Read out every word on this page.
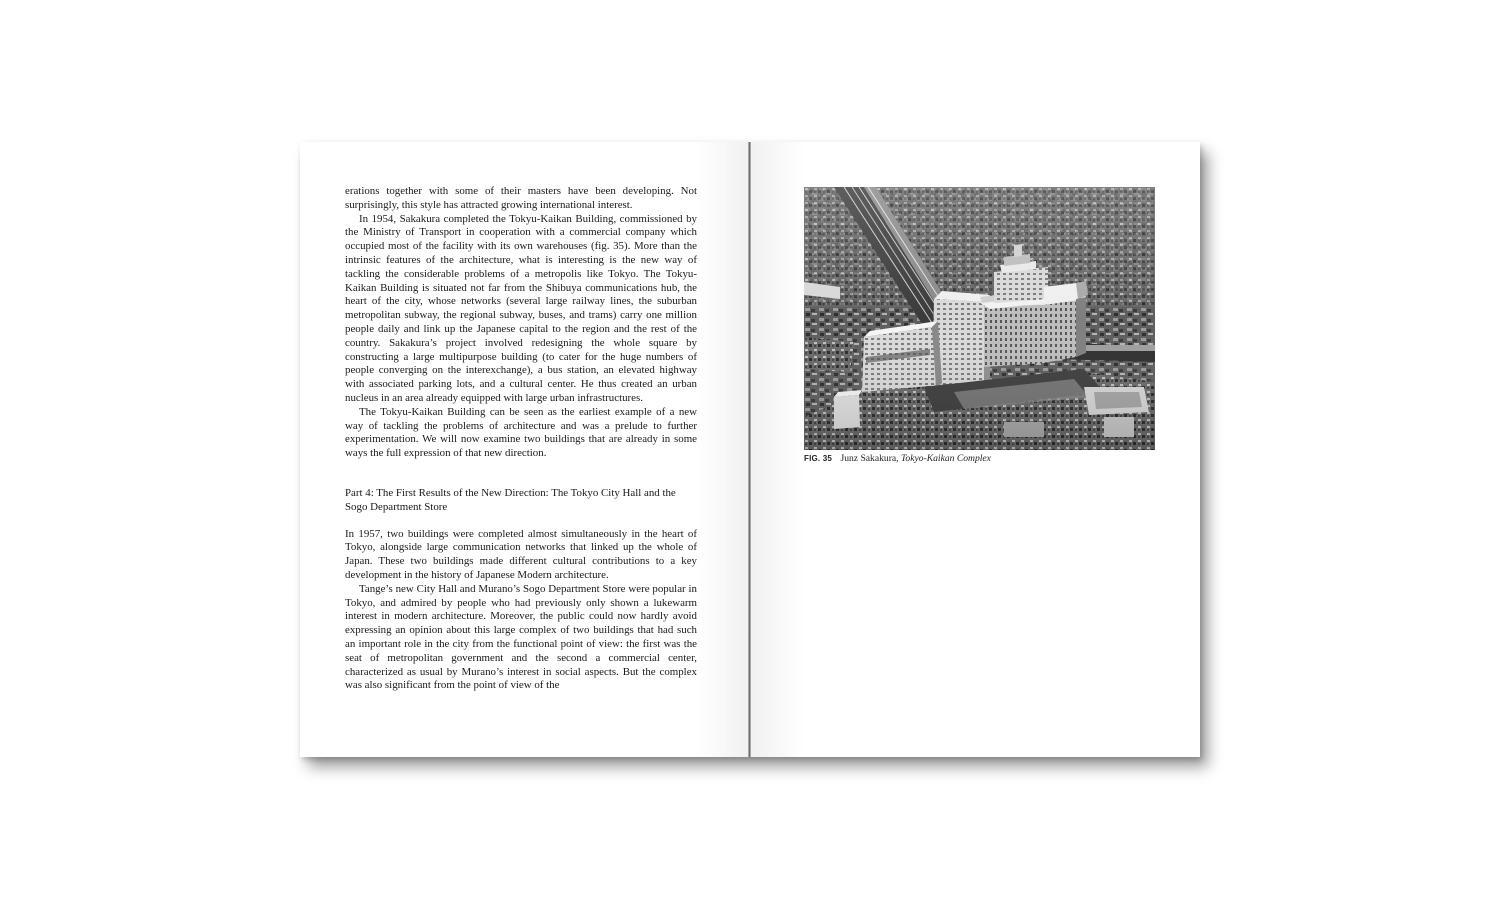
erations together with some of their masters have been developing. Not surprisingly, this style has attracted growing international interest.

In 1954, Sakakura completed the Tokyu-Kaikan Building, commissioned by the Ministry of Transport in cooperation with a commercial company which occupied most of the facility with its own warehouses (fig. 35). More than the intrinsic features of the architecture, what is interesting is the new way of tackling the considerable problems of a metropolis like Tokyo. The Tokyu-Kaikan Building is situated not far from the Shibuya communications hub, the heart of the city, whose networks (several large railway lines, the suburban metropolitan subway, the regional subway, buses, and trams) carry one million people daily and link up the Japanese capital to the region and the rest of the country. Sakakura’s project involved redesigning the whole square by constructing a large multipurpose building (to cater for the huge numbers of people converging on the interexchange), a bus station, an elevated highway with associated parking lots, and a cultural center. He thus created an urban nucleus in an area already equipped with large urban infrastructures.

The Tokyu-Kaikan Building can be seen as the earliest example of a new way of tackling the problems of architecture and was a prelude to further experimentation. We will now examine two buildings that are already in some ways the full expression of that new direction.

Part 4: The First Results of the New Direction: The Tokyo City Hall and the Sogo Department Store

In 1957, two buildings were completed almost simultaneously in the heart of Tokyo, alongside large communication networks that linked up the whole of Japan. These two buildings made different cultural contributions to a key development in the history of Japanese Modern architecture.

Tange’s new City Hall and Murano’s Sogo Department Store were popular in Tokyo, and admired by people who had previously only shown a lukewarm interest in modern architecture. Moreover, the public could now hardly avoid expressing an opinion about this large complex of two buildings that had such an important role in the city from the functional point of view: the first was the seat of metropolitan government and the second a commercial center, characterized as usual by Murano’s interest in social aspects. But the complex was also significant from the point of view of the

FIG. 35 Junz Sakakura, Tokyo-Kaikan Complex
